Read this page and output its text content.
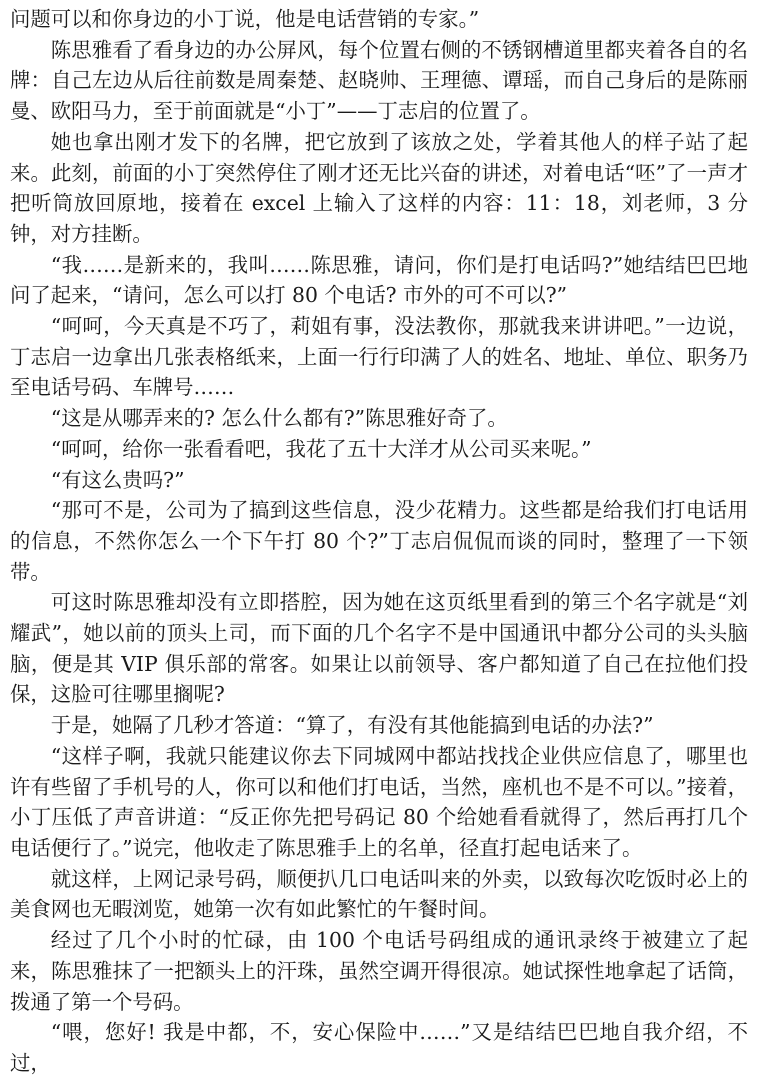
问题可以和你身边的小丁说，他是电话营销的专家。”

陈思雅看了看身边的办公屏风，每个位置右侧的不锈钢槽道里都夹着各自的名牌：自己左边从后往前数是周秦楚、赵晓帅、王理德、谭瑶，而自己身后的是陈丽曼、欧阳马力，至于前面就是“小丁”——丁志启的位置了。

她也拿出刚才发下的名牌，把它放到了该放之处，学着其他人的样子站了起来。此刻，前面的小丁突然停住了刚才还无比兴奋的讲述，对着电话“呸”了一声才把听筒放回原地，接着在 excel 上输入了这样的内容：11：18，刘老师，3 分钟，对方挂断。

“我……是新来的，我叫……陈思雅，请问，你们是打电话吗?”她结结巴巴地问了起来，“请问，怎么可以打 80 个电话? 市外的可不可以?”

“呵呵，今天真是不巧了，莉姐有事，没法教你，那就我来讲讲吧。”一边说，丁志启一边拿出几张表格纸来，上面一行行印满了人的姓名、地址、单位、职务乃至电话号码、车牌号……

“这是从哪弄来的? 怎么什么都有?”陈思雅好奇了。

“呵呵，给你一张看看吧，我花了五十大洋才从公司买来呢。”

“有这么贵吗?”

“那可不是，公司为了搞到这些信息，没少花精力。这些都是给我们打电话用的信息，不然你怎么一个下午打 80 个?”丁志启侃侃而谈的同时，整理了一下领带。

可这时陈思雅却没有立即搭腔，因为她在这页纸里看到的第三个名字就是“刘耀武”，她以前的顶头上司，而下面的几个名字不是中国通讯中都分公司的头头脑脑，便是其 VIP 俱乐部的常客。如果让以前领导、客户都知道了自己在拉他们投保，这脸可往哪里搁呢?

于是，她隔了几秒才答道：“算了，有没有其他能搞到电话的办法?”

“这样子啊，我就只能建议你去下同城网中都站找找企业供应信息了，哪里也许有些留了手机号的人，你可以和他们打电话，当然，座机也不是不可以。”接着，小丁压低了声音讲道：“反正你先把号码记 80 个给她看看就得了，然后再打几个电话便行了。”说完，他收走了陈思雅手上的名单，径直打起电话来了。

就这样，上网记录号码，顺便扒几口电话叫来的外卖，以致每次吃饭时必上的美食网也无暇浏览，她第一次有如此繁忙的午餐时间。

经过了几个小时的忙碌，由 100 个电话号码组成的通讯录终于被建立了起来，陈思雅抹了一把额头上的汗珠，虽然空调开得很凉。她试探性地拿起了话筒，拨通了第一个号码。

“喂，您好! 我是中都，不，安心保险中……”又是结结巴巴地自我介绍，不过，
